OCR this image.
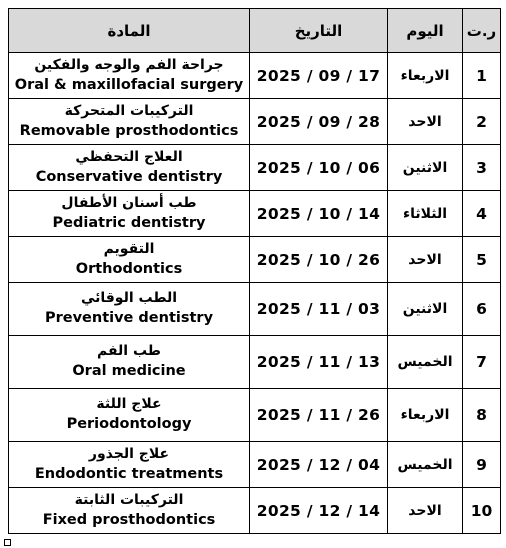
المادة	التاريخ	اليوم	ر.ت

جراحة الفم والوجه والفكين
Oral & maxillofacial surgery	2025 / 09 / 17	الاربعاء	1

التركيبات المتحركة
Removable prosthodontics	2025 / 09 / 28	الاحد	2

العلاج التحفظي
Conservative dentistry	2025 / 10 / 06	الاثنين	3

طب أسنان الأطفال
Pediatric dentistry	2025 / 10 / 14	الثلاثاء	4

التقويم
Orthodontics	2025 / 10 / 26	الاحد	5

الطب الوقائي
Preventive dentistry	2025 / 11 / 03	الاثنين	6

طب الفم
Oral medicine	2025 / 11 / 13	الخميس	7

علاج اللثة
Periodontology	2025 / 11 / 26	الاربعاء	8

علاج الجذور
Endodontic treatments	2025 / 12 / 04	الخميس	9

التركيبات الثابتة
Fixed prosthodontics	2025 / 12 / 14	الاحد	10
